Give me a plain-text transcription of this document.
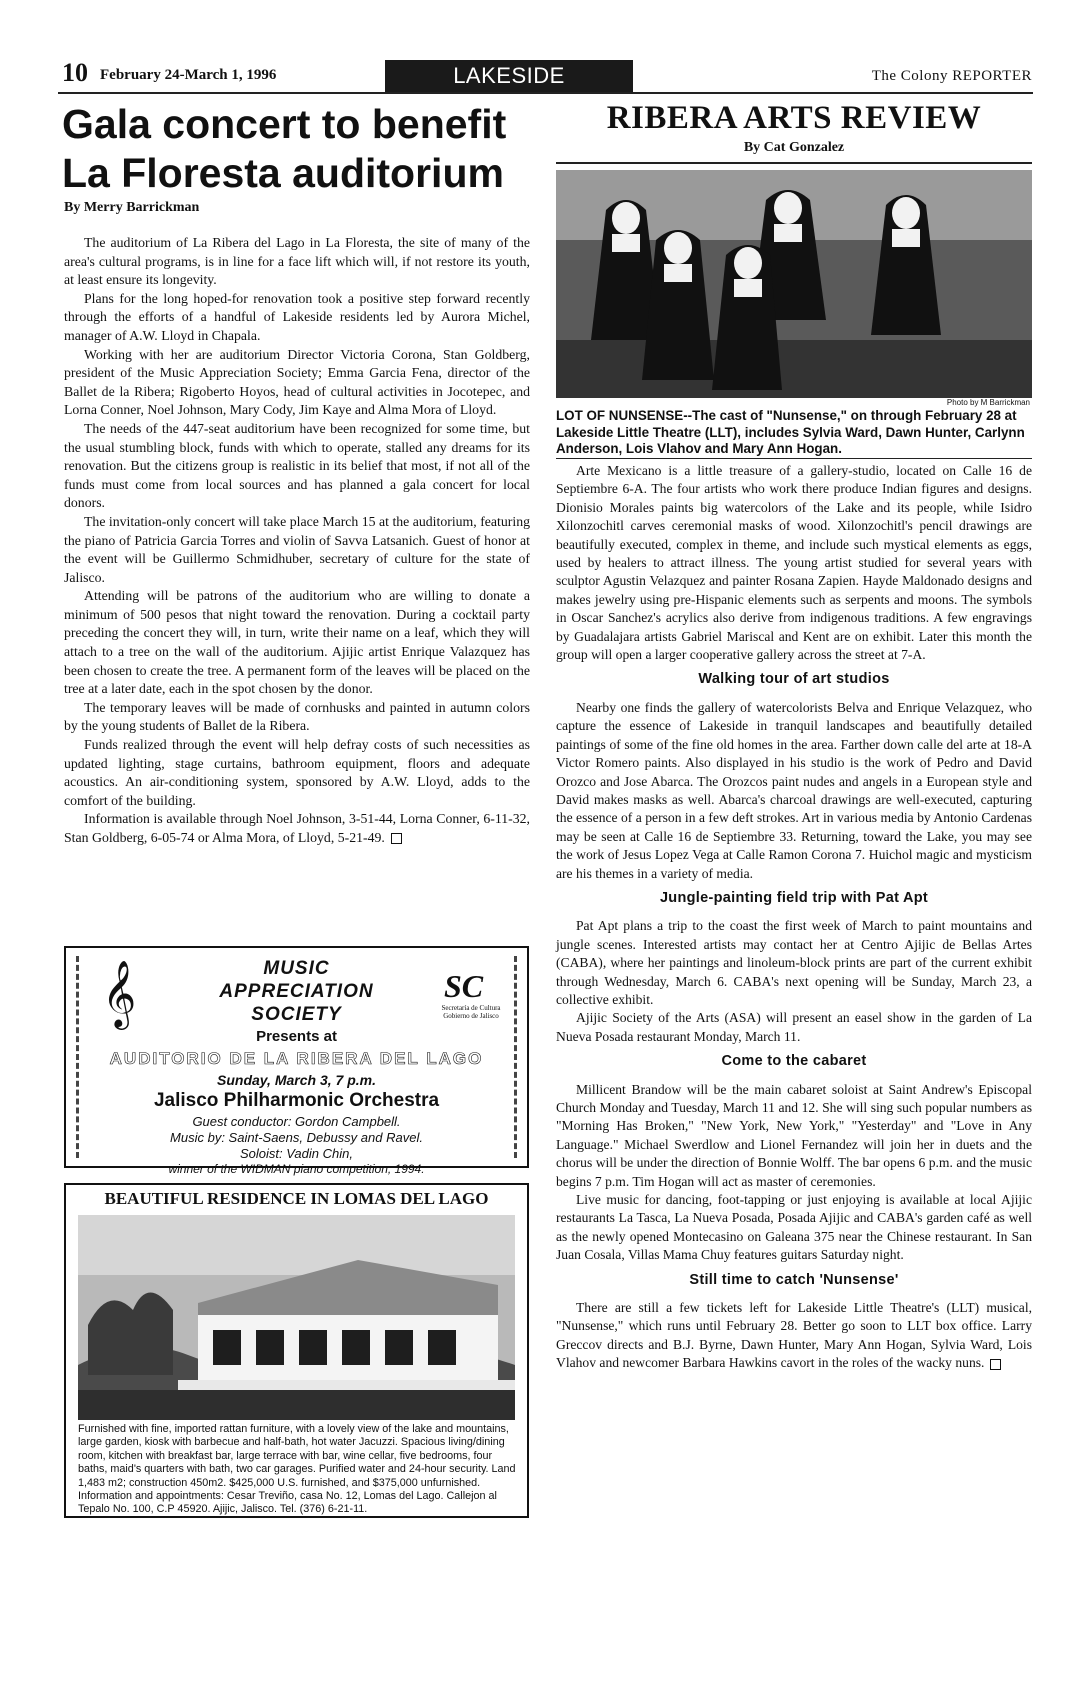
10 February 24-March 1, 1996	LAKESIDE	The Colony REPORTER
Gala concert to benefit
La Floresta auditorium
By Merry Barrickman

The auditorium of La Ribera del Lago in La Floresta, the site of many of the area's cultural programs, is in line for a face lift which will, if not restore its youth, at least ensure its longevity.

Plans for the long hoped-for renovation took a positive step forward recently through the efforts of a handful of Lakeside residents led by Aurora Michel, manager of A.W. Lloyd in Chapala.

Working with her are auditorium Director Victoria Corona, Stan Goldberg, president of the Music Appreciation Society; Emma Garcia Fena, director of the Ballet de la Ribera; Rigoberto Hoyos, head of cultural activities in Jocotepec, and Lorna Conner, Noel Johnson, Mary Cody, Jim Kaye and Alma Mora of Lloyd.

The needs of the 447-seat auditorium have been recognized for some time, but the usual stumbling block, funds with which to operate, stalled any dreams for its renovation. But the citizens group is realistic in its belief that most, if not all of the funds must come from local sources and has planned a gala concert for local donors.

The invitation-only concert will take place March 15 at the auditorium, featuring the piano of Patricia Garcia Torres and violin of Savva Latsanich. Guest of honor at the event will be Guillermo Schmidhuber, secretary of culture for the state of Jalisco.

Attending will be patrons of the auditorium who are willing to donate a minimum of 500 pesos that night toward the renovation. During a cocktail party preceding the concert they will, in turn, write their name on a leaf, which they will attach to a tree on the wall of the auditorium. Ajijic artist Enrique Valazquez has been chosen to create the tree. A permanent form of the leaves will be placed on the tree at a later date, each in the spot chosen by the donor.

The temporary leaves will be made of cornhusks and painted in autumn colors by the young students of Ballet de la Ribera.

Funds realized through the event will help defray costs of such necessities as updated lighting, stage curtains, bathroom equipment, floors and adequate acoustics. An air-conditioning system, sponsored by A.W. Lloyd, adds to the comfort of the building.

Information is available through Noel Johnson, 3-51-44, Lorna Conner, 6-11-32, Stan Goldberg, 6-05-74 or Alma Mora, of Lloyd, 5-21-49.

𝄞	SC
Secretaría de Cultura Gobierno de Jalisco
MUSIC
APPRECIATION
SOCIETY
Presents at
AUDITORIO DE LA RIBERA DEL LAGO
Sunday, March 3, 7 p.m.
Jalisco Philharmonic Orchestra
Guest conductor: Gordon Campbell.
Music by: Saint-Saens, Debussy and Ravel.
Soloist: Vadin Chin,
winner of the WIDMAN piano competition, 1994.
BEAUTIFUL RESIDENCE IN LOMAS DEL LAGO
Furnished with fine, imported rattan furniture, with a lovely view of the lake and mountains, large garden, kiosk with barbecue and half-bath, hot water Jacuzzi. Spacious living/dining room, kitchen with breakfast bar, large terrace with bar, wine cellar, five bedrooms, four baths, maid's quarters with bath, two car garages. Purified water and 24-hour security. Land 1,483 m2; construction 450m2. $425,000 U.S. furnished, and $375,000 unfurnished. Information and appointments: Cesar Treviño, casa No. 12, Lomas del Lago. Callejon al Tepalo No. 100, C.P 45920. Ajijic, Jalisco. Tel. (376) 6-21-11.
RIBERA ARTS REVIEW
By Cat Gonzalez
Photo by M Barrickman
LOT OF NUNSENSE--The cast of "Nunsense," on through February 28 at Lakeside Little Theatre (LLT), includes Sylvia Ward, Dawn Hunter, Carlynn Anderson, Lois Vlahov and Mary Ann Hogan.

Arte Mexicano is a little treasure of a gallery-studio, located on Calle 16 de Septiembre 6-A. The four artists who work there produce Indian figures and designs. Dionisio Morales paints big watercolors of the Lake and its people, while Isidro Xilonzochitl carves ceremonial masks of wood. Xilonzochitl's pencil drawings are beautifully executed, complex in theme, and include such mystical elements as eggs, used by healers to attract illness. The young artist studied for several years with sculptor Agustin Velazquez and painter Rosana Zapien. Hayde Maldonado designs and makes jewelry using pre-Hispanic elements such as serpents and moons. The symbols in Oscar Sanchez's acrylics also derive from indigenous traditions. A few engravings by Guadalajara artists Gabriel Mariscal and Kent are on exhibit. Later this month the group will open a larger cooperative gallery across the street at 7-A.

Walking tour of art studios

Nearby one finds the gallery of watercolorists Belva and Enrique Velazquez, who capture the essence of Lakeside in tranquil landscapes and beautifully detailed paintings of some of the fine old homes in the area. Farther down calle del arte at 18-A Victor Romero paints. Also displayed in his studio is the work of Pedro and David Orozco and Jose Abarca. The Orozcos paint nudes and angels in a European style and David makes masks as well. Abarca's charcoal drawings are well-executed, capturing the essence of a person in a few deft strokes. Art in various media by Antonio Cardenas may be seen at Calle 16 de Septiembre 33. Returning, toward the Lake, you may see the work of Jesus Lopez Vega at Calle Ramon Corona 7. Huichol magic and mysticism are his themes in a variety of media.

Jungle-painting field trip with Pat Apt

Pat Apt plans a trip to the coast the first week of March to paint mountains and jungle scenes. Interested artists may contact her at Centro Ajijic de Bellas Artes (CABA), where her paintings and linoleum-block prints are part of the current exhibit through Wednesday, March 6. CABA's next opening will be Sunday, March 23, a collective exhibit.

Ajijic Society of the Arts (ASA) will present an easel show in the garden of La Nueva Posada restaurant Monday, March 11.

Come to the cabaret

Millicent Brandow will be the main cabaret soloist at Saint Andrew's Episcopal Church Monday and Tuesday, March 11 and 12. She will sing such popular numbers as "Morning Has Broken," "New York, New York," "Yesterday" and "Love in Any Language." Michael Swerdlow and Lionel Fernandez will join her in duets and the chorus will be under the direction of Bonnie Wolff. The bar opens 6 p.m. and the music begins 7 p.m. Tim Hogan will act as master of ceremonies.

Live music for dancing, foot-tapping or just enjoying is available at local Ajijic restaurants La Tasca, La Nueva Posada, Posada Ajijic and CABA's garden café as well as the newly opened Montecasino on Galeana 375 near the Chinese restaurant. In San Juan Cosala, Villas Mama Chuy features guitars Saturday night.

Still time to catch 'Nunsense'

There are still a few tickets left for Lakeside Little Theatre's (LLT) musical, "Nunsense," which runs until February 28. Better go soon to LLT box office. Larry Greccov directs and B.J. Byrne, Dawn Hunter, Mary Ann Hogan, Sylvia Ward, Lois Vlahov and newcomer Barbara Hawkins cavort in the roles of the wacky nuns.
